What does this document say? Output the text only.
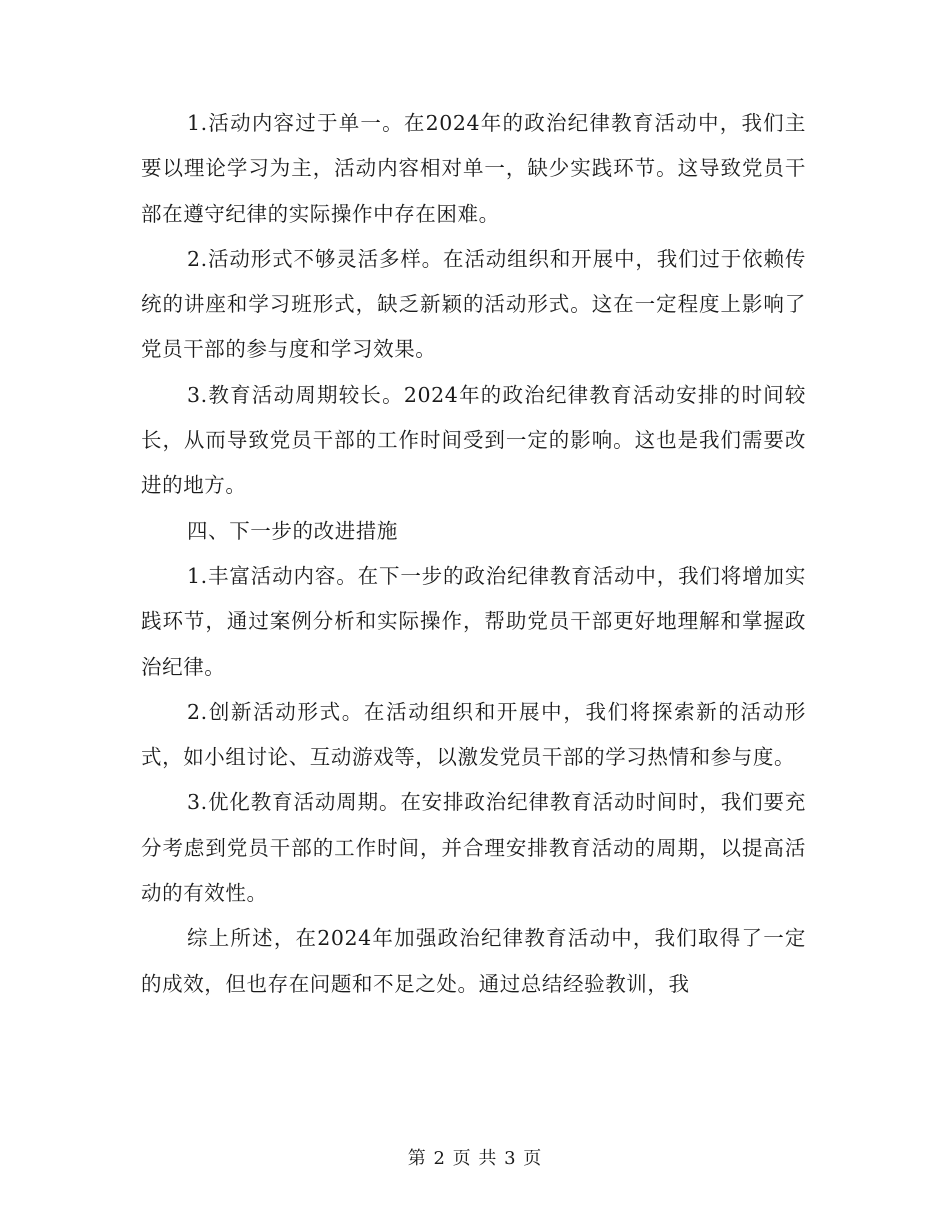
1.活动内容过于单一。在2024年的政治纪律教育活动中，我们主要以理论学习为主，活动内容相对单一，缺少实践环节。这导致党员干部在遵守纪律的实际操作中存在困难。

2.活动形式不够灵活多样。在活动组织和开展中，我们过于依赖传统的讲座和学习班形式，缺乏新颖的活动形式。这在一定程度上影响了党员干部的参与度和学习效果。

3.教育活动周期较长。2024年的政治纪律教育活动安排的时间较长，从而导致党员干部的工作时间受到一定的影响。这也是我们需要改进的地方。

四、下一步的改进措施

1.丰富活动内容。在下一步的政治纪律教育活动中，我们将增加实践环节，通过案例分析和实际操作，帮助党员干部更好地理解和掌握政治纪律。

2.创新活动形式。在活动组织和开展中，我们将探索新的活动形式，如小组讨论、互动游戏等，以激发党员干部的学习热情和参与度。

3.优化教育活动周期。在安排政治纪律教育活动时间时，我们要充分考虑到党员干部的工作时间，并合理安排教育活动的周期，以提高活动的有效性。

综上所述，在2024年加强政治纪律教育活动中，我们取得了一定的成效，但也存在问题和不足之处。通过总结经验教训，我

第 2 页 共 3 页
